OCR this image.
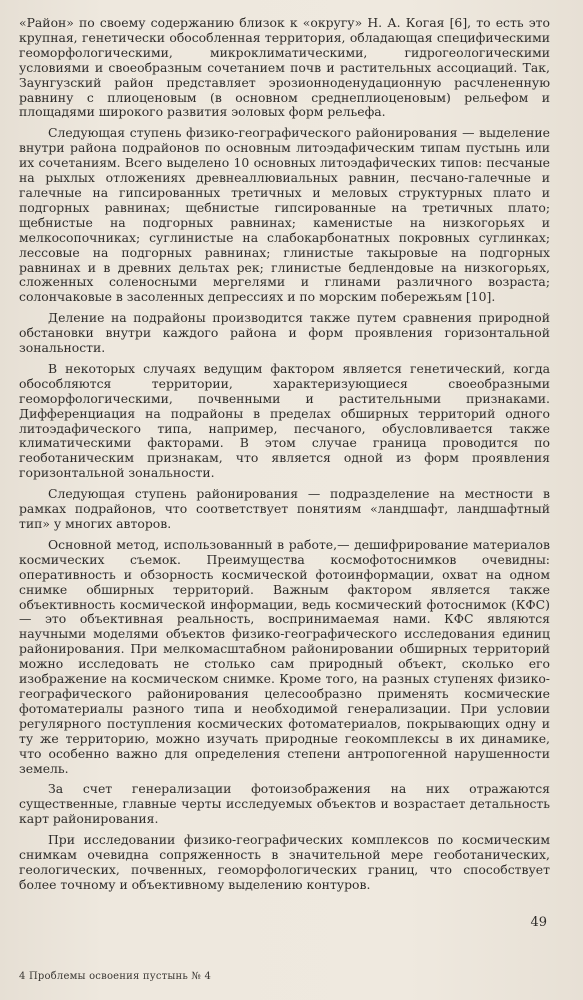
«Район» по своему содержанию близок к «округу» Н. А. Когая [6], то есть это крупная, генетически обособленная территория, обладающая специфическими геоморфологическими, микроклиматическими, гидрогеологическими условиями и своеобразным сочетанием почв и растительных ассоциаций. Так, Заунгузский район представляет эрозионноденудационную расчлененную равнину с плиоценовым (в основном среднеплиоценовым) рельефом и площадями широкого развития эоловых форм рельефа.

Следующая ступень физико-географического районирования — выделение внутри района подрайонов по основным литоэдафическим типам пустынь или их сочетаниям. Всего выделено 10 основных литоэдафических типов: песчаные на рыхлых отложениях древнеаллювиальных равнин, песчано-галечные и галечные на гипсированных третичных и меловых структурных плато и подгорных равнинах; щебнистые гипсированные на третичных плато; щебнистые на подгорных равнинах; каменистые на низкогорьях и мелкосопочниках; суглинистые на слабокарбонатных покровных суглинках; лессовые на подгорных равнинах; глинистые такыровые на подгорных равнинах и в древних дельтах рек; глинистые бедлендовые на низкогорьях, сложенных соленосными мергелями и глинами различного возраста; солончаковые в засоленных депрессиях и по морским побережьям [10].

Деление на подрайоны производится также путем сравнения природной обстановки внутри каждого района и форм проявления горизонтальной зональности.

В некоторых случаях ведущим фактором является генетический, когда обособляются территории, характеризующиеся своеобразными геоморфологическими, почвенными и растительными признаками. Дифференциация на подрайоны в пределах обширных территорий одного литоэдафического типа, например, песчаного, обусловливается также климатическими факторами. В этом случае граница проводится по геоботаническим признакам, что является одной из форм проявления горизонтальной зональности.

Следующая ступень районирования — подразделение на местности в рамках подрайонов, что соответствует понятиям «ландшафт, ландшафтный тип» у многих авторов.

Основной метод, использованный в работе,— дешифрирование материалов космических съемок. Преимущества космофотоснимков очевидны: оперативность и обзорность космической фотоинформации, охват на одном снимке обширных территорий. Важным фактором является также объективность космической информации, ведь космический фотоснимок (КФС) — это объективная реальность, воспринимаемая нами. КФС являются научными моделями объектов физико-географического исследования единиц районирования. При мелкомасштабном районировании обширных территорий можно исследовать не столько сам природный объект, сколько его изображение на космическом снимке. Кроме того, на разных ступенях физико-географического районирования целесообразно применять космические фотоматериалы разного типа и необходимой генерализации. При условии регулярного поступления космических фотоматериалов, покрывающих одну и ту же территорию, можно изучать природные геокомплексы в их динамике, что особенно важно для определения степени антропогенной нарушенности земель.

За счет генерализации фотоизображения на них отражаются существенные, главные черты исследуемых объектов и возрастает детальность карт районирования.

При исследовании физико-географических комплексов по космическим снимкам очевидна сопряженность в значительной мере геоботанических, геологических, почвенных, геоморфологических границ, что способствует более точному и объективному выделению контуров.

49
4 Проблемы освоения пустынь № 4
